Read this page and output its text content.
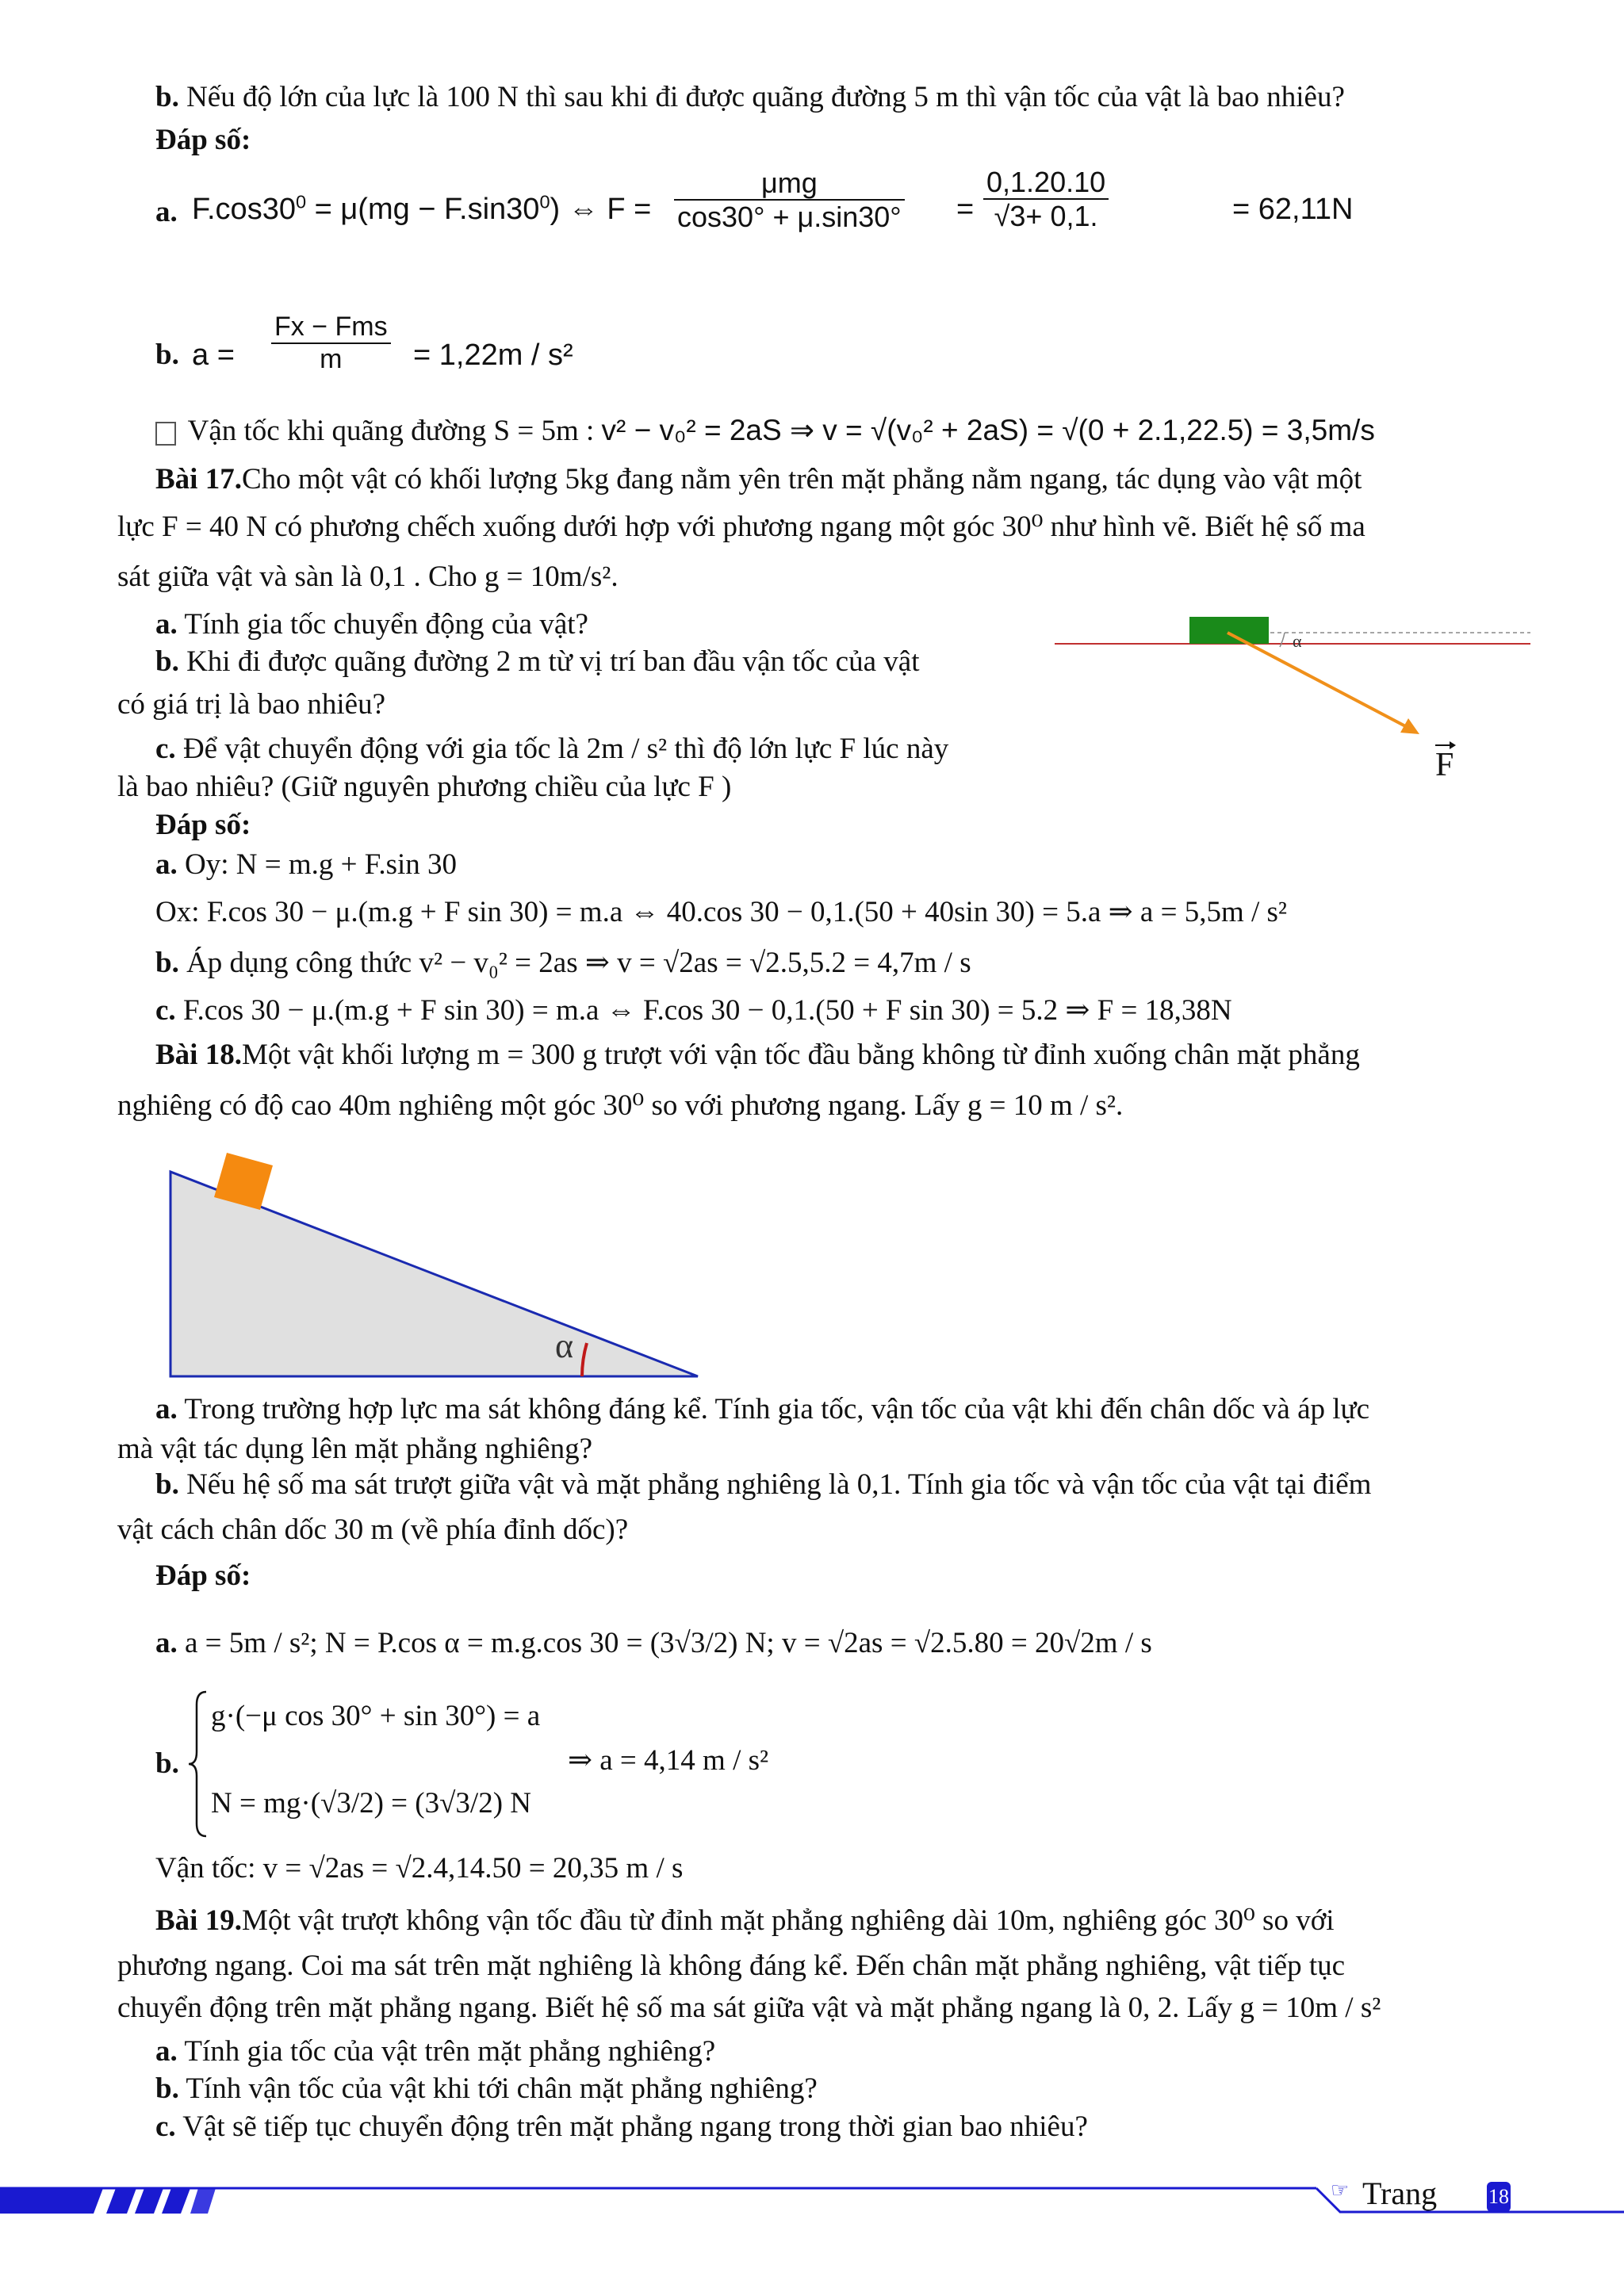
b. Nếu độ lớn của lực là 100 N thì sau khi đi được quãng đường 5 m thì vận tốc của vật là bao nhiêu?
Đáp số:
a. $F.\cos 30^0 = \mu(mg - F.\sin 30^0)$ ⇔ F =
μmg
$\cos 30^\circ + \mu.\sin 30^\circ = \frac{0,1.20.10}{√3+ 0,1.}$	= 62,11N
b. a =
Fx − Fms
m	= 1,22m / s²
Vận tốc khi quãng đường S = 5m : v² − v₀² = 2aS ⇒ v = √(v₀² + 2aS) = √(0 + 2.1,22.5) = 3,5m/s
Bài 17.Cho một vật có khối lượng 5kg đang nằm yên trên mặt phẳng nằm ngang, tác dụng vào vật một
lực F = 40 N có phương chếch xuống dưới hợp với phương ngang một góc 30⁰ như hình vẽ. Biết hệ số ma
sát giữa vật và sàn là 0,1 . Cho g = 10m/s².
a. Tính gia tốc chuyển động của vật?
b. Khi đi được quãng đường 2 m từ vị trí ban đầu vận tốc của vật
có giá trị là bao nhiêu?
c. Để vật chuyển động với gia tốc là 2m / s² thì độ lớn lực F lúc này
là bao nhiêu? (Giữ nguyên phương chiều của lực F )
α
F
Đáp số:
a. Oy: N = m.g + F.sin 30
Ox: F.cos 30 − μ.(m.g + F sin 30) = m.a ⇔ 40.cos 30 − 0,1.(50 + 40sin 30) = 5.a ⇒ a = 5,5m / s²
b. Áp dụng công thức v² − v₀² = 2as ⇒ v = √2as = √2.5,5.2 = 4,7m / s
c. F.cos 30 − μ.(m.g + F sin 30) = m.a ⇔ F.cos 30 − 0,1.(50 + F sin 30) = 5.2 ⇒ F = 18,38N
Bài 18.Một vật khối lượng m = 300 g trượt với vận tốc đầu bằng không từ đỉnh xuống chân mặt phẳng
nghiêng có độ cao 40m nghiêng một góc 30⁰ so với phương ngang. Lấy g = 10 m / s².
α
a. Trong trường hợp lực ma sát không đáng kể. Tính gia tốc, vận tốc của vật khi đến chân dốc và áp lực
mà vật tác dụng lên mặt phẳng nghiêng?
b. Nếu hệ số ma sát trượt giữa vật và mặt phẳng nghiêng là 0,1. Tính gia tốc và vận tốc của vật tại điểm
vật cách chân dốc 30 m (về phía đỉnh dốc)?
Đáp số:
a. a = 5m / s²; N = P.cos α = m.g.cos 30 = (3√3/2) N; v = √2as = √2.5.80 = 20√2m / s
b.
g·(−μ cos 30° + sin 30°) = a
N = mg·(√3/2) = (3√3/2) N
⇒ a = 4,14 m / s²
Vận tốc: v = √2as = √2.4,14.50 = 20,35 m / s
Bài 19.Một vật trượt không vận tốc đầu từ đỉnh mặt phẳng nghiêng dài 10m, nghiêng góc 30⁰ so với
phương ngang. Coi ma sát trên mặt nghiêng là không đáng kể. Đến chân mặt phẳng nghiêng, vật tiếp tục
chuyển động trên mặt phẳng ngang. Biết hệ số ma sát giữa vật và mặt phẳng ngang là 0, 2. Lấy g = 10m / s²
a. Tính gia tốc của vật trên mặt phẳng nghiêng?
b. Tính vận tốc của vật khi tới chân mặt phẳng nghiêng?
c. Vật sẽ tiếp tục chuyển động trên mặt phẳng ngang trong thời gian bao nhiêu?
☞ Trang 18
